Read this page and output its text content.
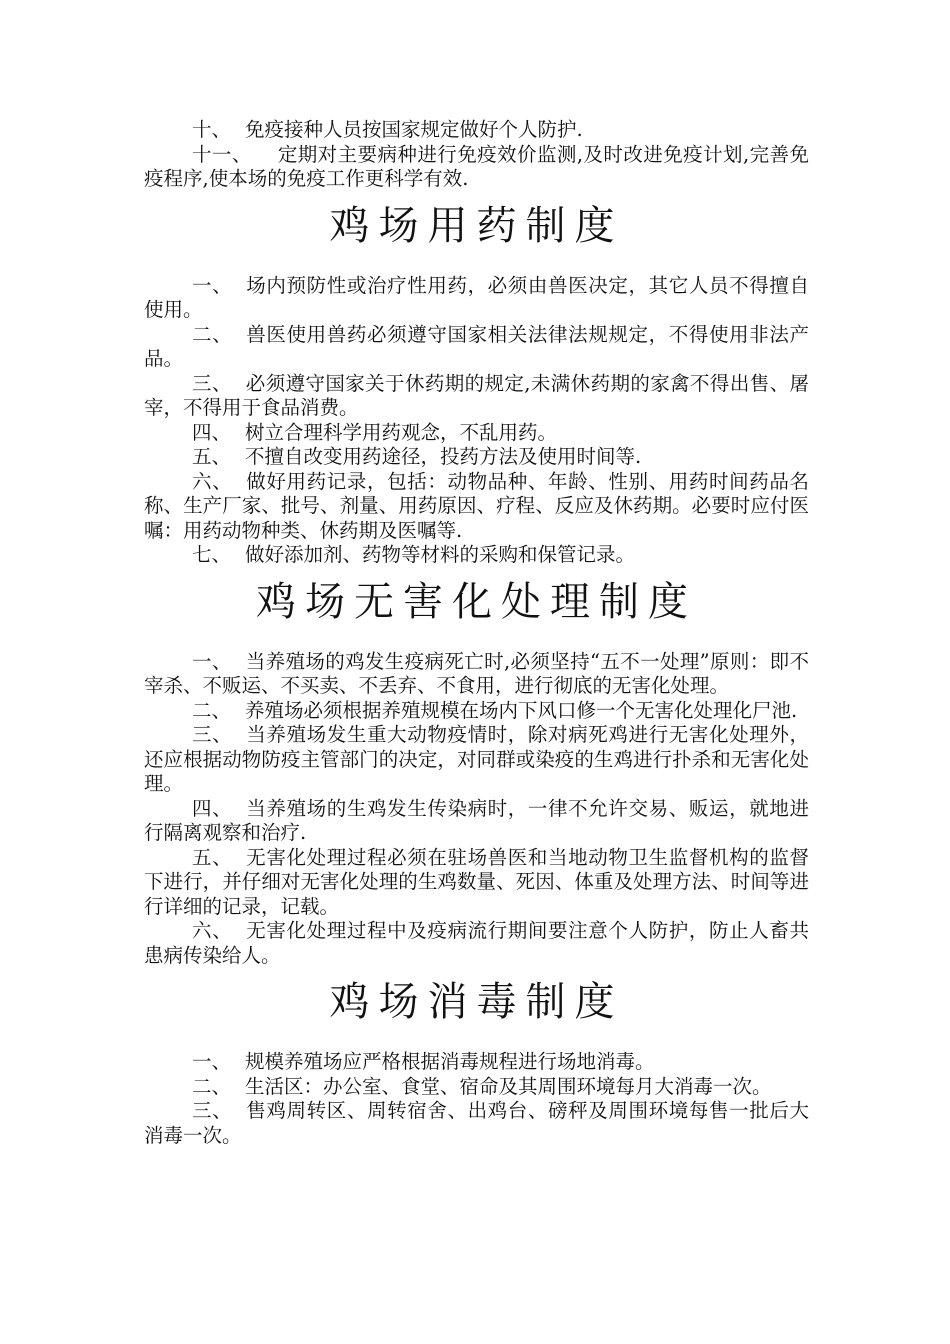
十、 免疫接种人员按国家规定做好个人防护.

十一、 定期对主要病种进行免疫效价监测,及时改进免疫计划,完善免疫程序,使本场的免疫工作更科学有效.

鸡场用药制度

一、 场内预防性或治疗性用药，必须由兽医决定，其它人员不得擅自使用。

二、 兽医使用兽药必须遵守国家相关法律法规规定，不得使用非法产品。

三、 必须遵守国家关于休药期的规定,未满休药期的家禽不得出售、屠宰，不得用于食品消费。

四、 树立合理科学用药观念，不乱用药。

五、 不擅自改变用药途径，投药方法及使用时间等.

六、 做好用药记录，包括：动物品种、年龄、性别、用药时间药品名称、生产厂家、批号、剂量、用药原因、疗程、反应及休药期。必要时应付医嘱：用药动物种类、休药期及医嘱等.

七、 做好添加剂、药物等材料的采购和保管记录。

鸡场无害化处理制度

一、 当养殖场的鸡发生疫病死亡时,必须坚持“五不一处理”原则：即不宰杀、不贩运、不买卖、不丢弃、不食用，进行彻底的无害化处理。

二、 养殖场必须根据养殖规模在场内下风口修一个无害化处理化尸池.

三、 当养殖场发生重大动物疫情时，除对病死鸡进行无害化处理外，还应根据动物防疫主管部门的决定，对同群或染疫的生鸡进行扑杀和无害化处理。

四、 当养殖场的生鸡发生传染病时，一律不允许交易、贩运，就地进行隔离观察和治疗.

五、 无害化处理过程必须在驻场兽医和当地动物卫生监督机构的监督下进行，并仔细对无害化处理的生鸡数量、死因、体重及处理方法、时间等进行详细的记录，记载。

六、 无害化处理过程中及疫病流行期间要注意个人防护，防止人畜共患病传染给人。

鸡场消毒制度

一、 规模养殖场应严格根据消毒规程进行场地消毒。

二、 生活区：办公室、食堂、宿命及其周围环境每月大消毒一次。

三、 售鸡周转区、周转宿舍、出鸡台、磅秤及周围环境每售一批后大消毒一次。
